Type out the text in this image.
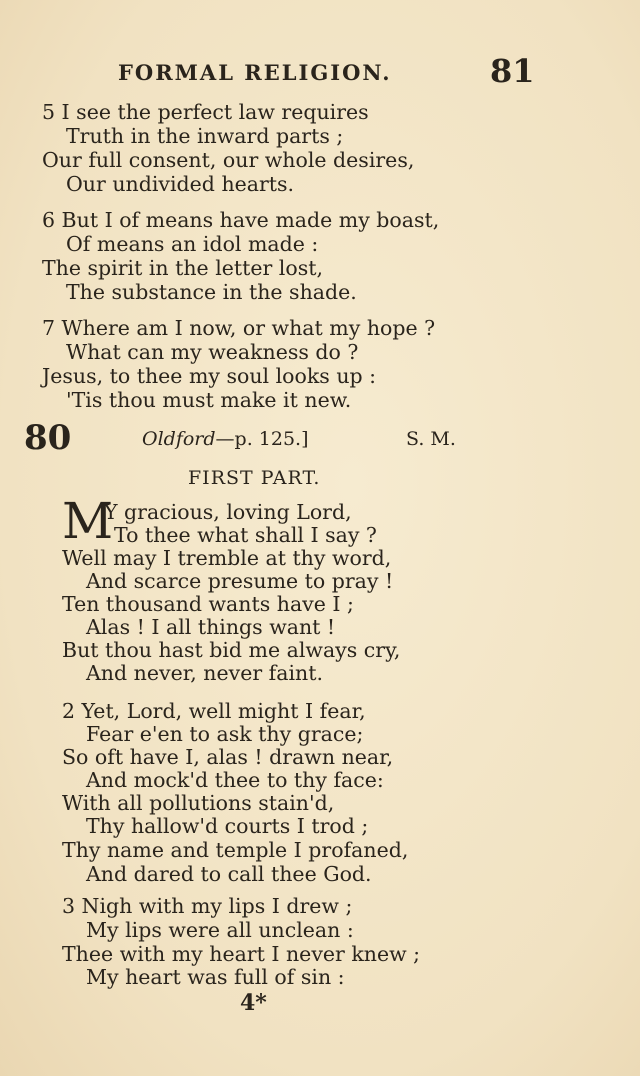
FORMAL RELIGION.	81
5 I see the perfect law requires
Truth in the inward parts ;
Our full consent, our whole desires,
Our undivided hearts.
6 But I of means have made my boast,
Of means an idol made :
The spirit in the letter lost,
The substance in the shade.
7 Where am I now, or what my hope ?
What can my weakness do ?
Jesus, to thee my soul looks up :
'Tis thou must make it new.
80	Oldford—p. 125.]	S. M.
FIRST PART.
M
Y gracious, loving Lord,
To thee what shall I say ?
Well may I tremble at thy word,
And scarce presume to pray !
Ten thousand wants have I ;
Alas ! I all things want !
But thou hast bid me always cry,
And never, never faint.
2 Yet, Lord, well might I fear,
Fear e'en to ask thy grace;
So oft have I, alas ! drawn near,
And mock'd thee to thy face:
With all pollutions stain'd,
Thy hallow'd courts I trod ;
Thy name and temple I profaned,
And dared to call thee God.
3 Nigh with my lips I drew ;
My lips were all unclean :
Thee with my heart I never knew ;
My heart was full of sin :
4*
